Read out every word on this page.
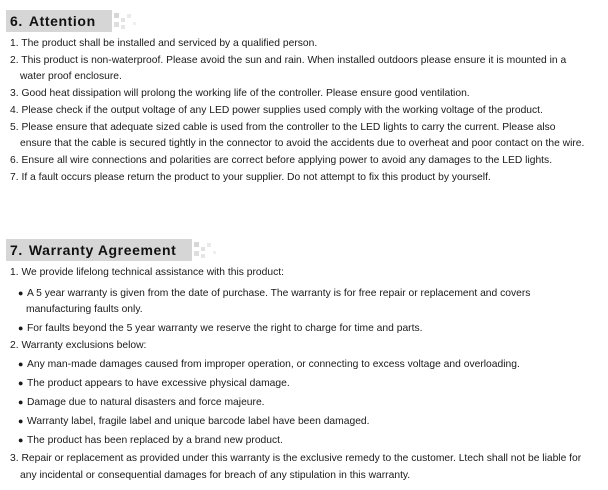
6. Attention
1. The product shall be installed and serviced by a qualified person.
2. This product is non-waterproof. Please avoid the sun and rain. When installed outdoors please ensure it is mounted in a
water proof enclosure.
3. Good heat dissipation will prolong the working life of the controller. Please ensure good ventilation.
4. Please check if the output voltage of any LED power supplies used comply with the working voltage of the product.
5. Please ensure that adequate sized cable is used from the controller to the LED lights to carry the current. Please also
ensure that the cable is secured tightly in the connector to avoid the accidents due to overheat and poor contact on the wire.
6. Ensure all wire connections and polarities are correct before applying power to avoid any damages to the LED lights.
7. If a fault occurs please return the product to your supplier. Do not attempt to fix this product by yourself.
7. Warranty Agreement
1. We provide lifelong technical assistance with this product:
● A 5 year warranty is given from the date of purchase. The warranty is for free repair or replacement and covers
manufacturing faults only.
● For faults beyond the 5 year warranty we reserve the right to charge for time and parts.
2. Warranty exclusions below:
● Any man-made damages caused from improper operation, or connecting to excess voltage and overloading.
● The product appears to have excessive physical damage.
● Damage due to natural disasters and force majeure.
● Warranty label, fragile label and unique barcode label have been damaged.
● The product has been replaced by a brand new product.
3. Repair or replacement as provided under this warranty is the exclusive remedy to the customer. Ltech shall not be liable for
any incidental or consequential damages for breach of any stipulation in this warranty.
